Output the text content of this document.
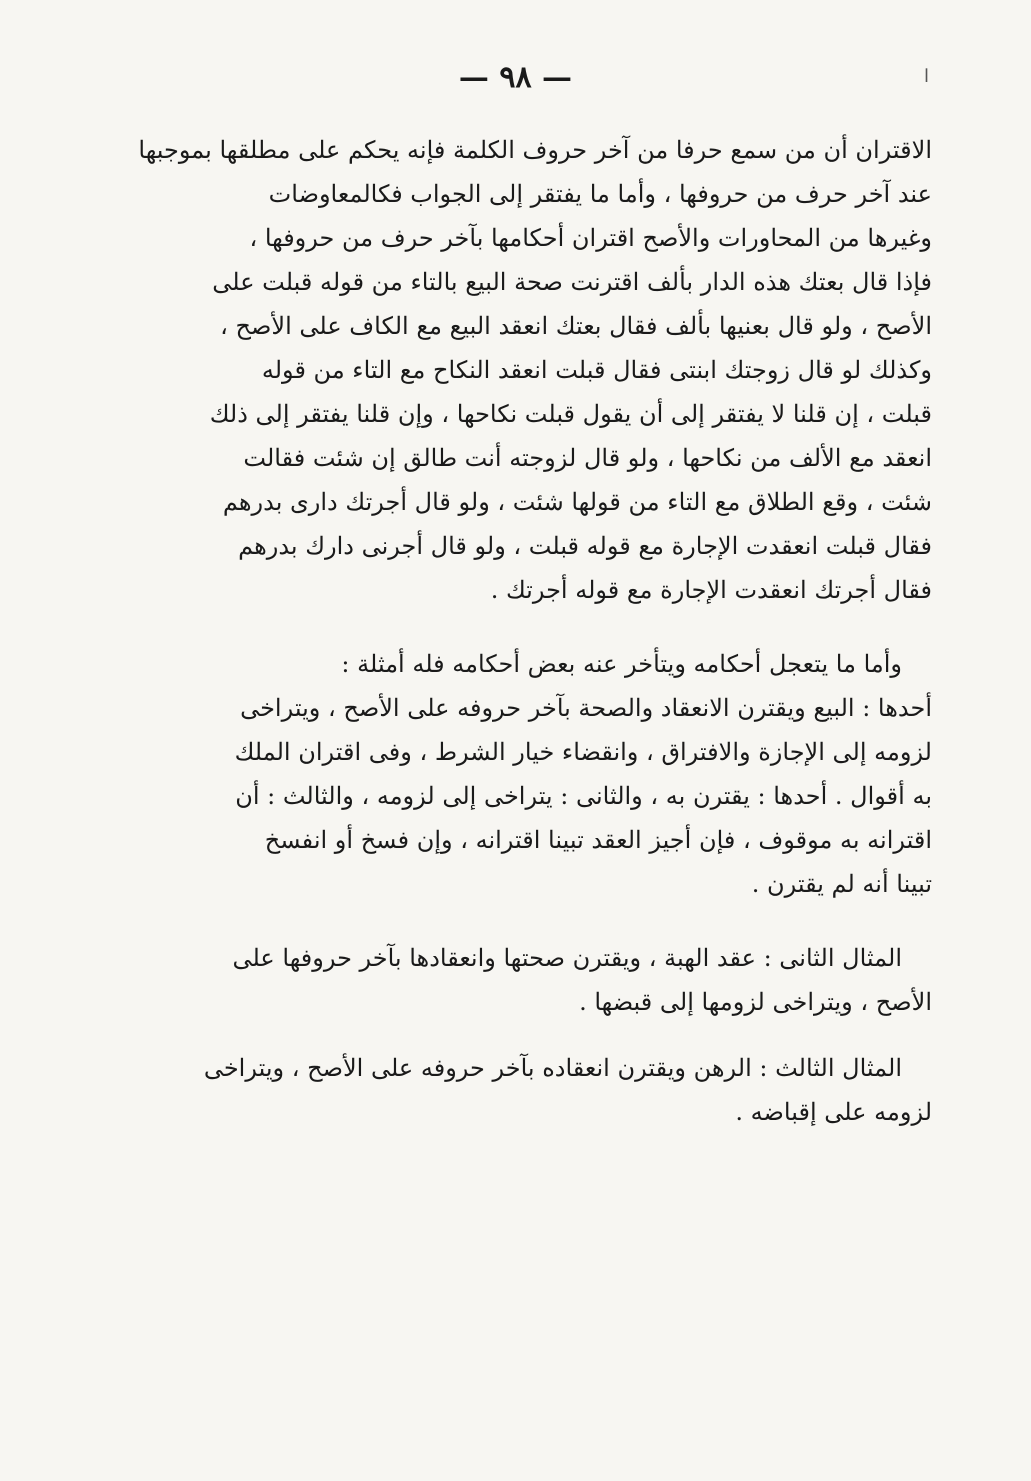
ا
— ٩٨ —
الاقتران أن من سمع حرفا من آخر حروف الكلمة فإنه يحكم على مطلقها بموجبها
عند آخر حرف من حروفها ، وأما ما يفتقر إلى الجواب فكالمعاوضات
وغيرها من المحاورات والأصح اقتران أحكامها بآخر حرف من حروفها ،
فإذا قال بعتك هذه الدار بألف اقترنت صحة البيع بالتاء من قوله قبلت على
الأصح ، ولو قال بعنيها بألف فقال بعتك انعقد البيع مع الكاف على الأصح ،
وكذلك لو قال زوجتك ابنتى فقال قبلت انعقد النكاح مع التاء من قوله
قبلت ، إن قلنا لا يفتقر إلى أن يقول قبلت نكاحها ، وإن قلنا يفتقر إلى ذلك
انعقد مع الألف من نكاحها ، ولو قال لزوجته أنت طالق إن شئت فقالت
شئت ، وقع الطلاق مع التاء من قولها شئت ، ولو قال أجرتك دارى بدرهم
فقال قبلت انعقدت الإجارة مع قوله قبلت ، ولو قال أجرنى دارك بدرهم
فقال أجرتك انعقدت الإجارة مع قوله أجرتك .
وأما ما يتعجل أحكامه ويتأخر عنه بعض أحكامه فله أمثلة :
أحدها : البيع ويقترن الانعقاد والصحة بآخر حروفه على الأصح ، ويتراخى
لزومه إلى الإجازة والافتراق ، وانقضاء خيار الشرط ، وفى اقتران الملك
به أقوال . أحدها : يقترن به ، والثانى : يتراخى إلى لزومه ، والثالث : أن
اقترانه به موقوف ، فإن أجيز العقد تبينا اقترانه ، وإن فسخ أو انفسخ
تبينا أنه لم يقترن .
المثال الثانى : عقد الهبة ، ويقترن صحتها وانعقادها بآخر حروفها على
الأصح ، ويتراخى لزومها إلى قبضها .
المثال الثالث : الرهن ويقترن انعقاده بآخر حروفه على الأصح ، ويتراخى
لزومه على إقباضه .
